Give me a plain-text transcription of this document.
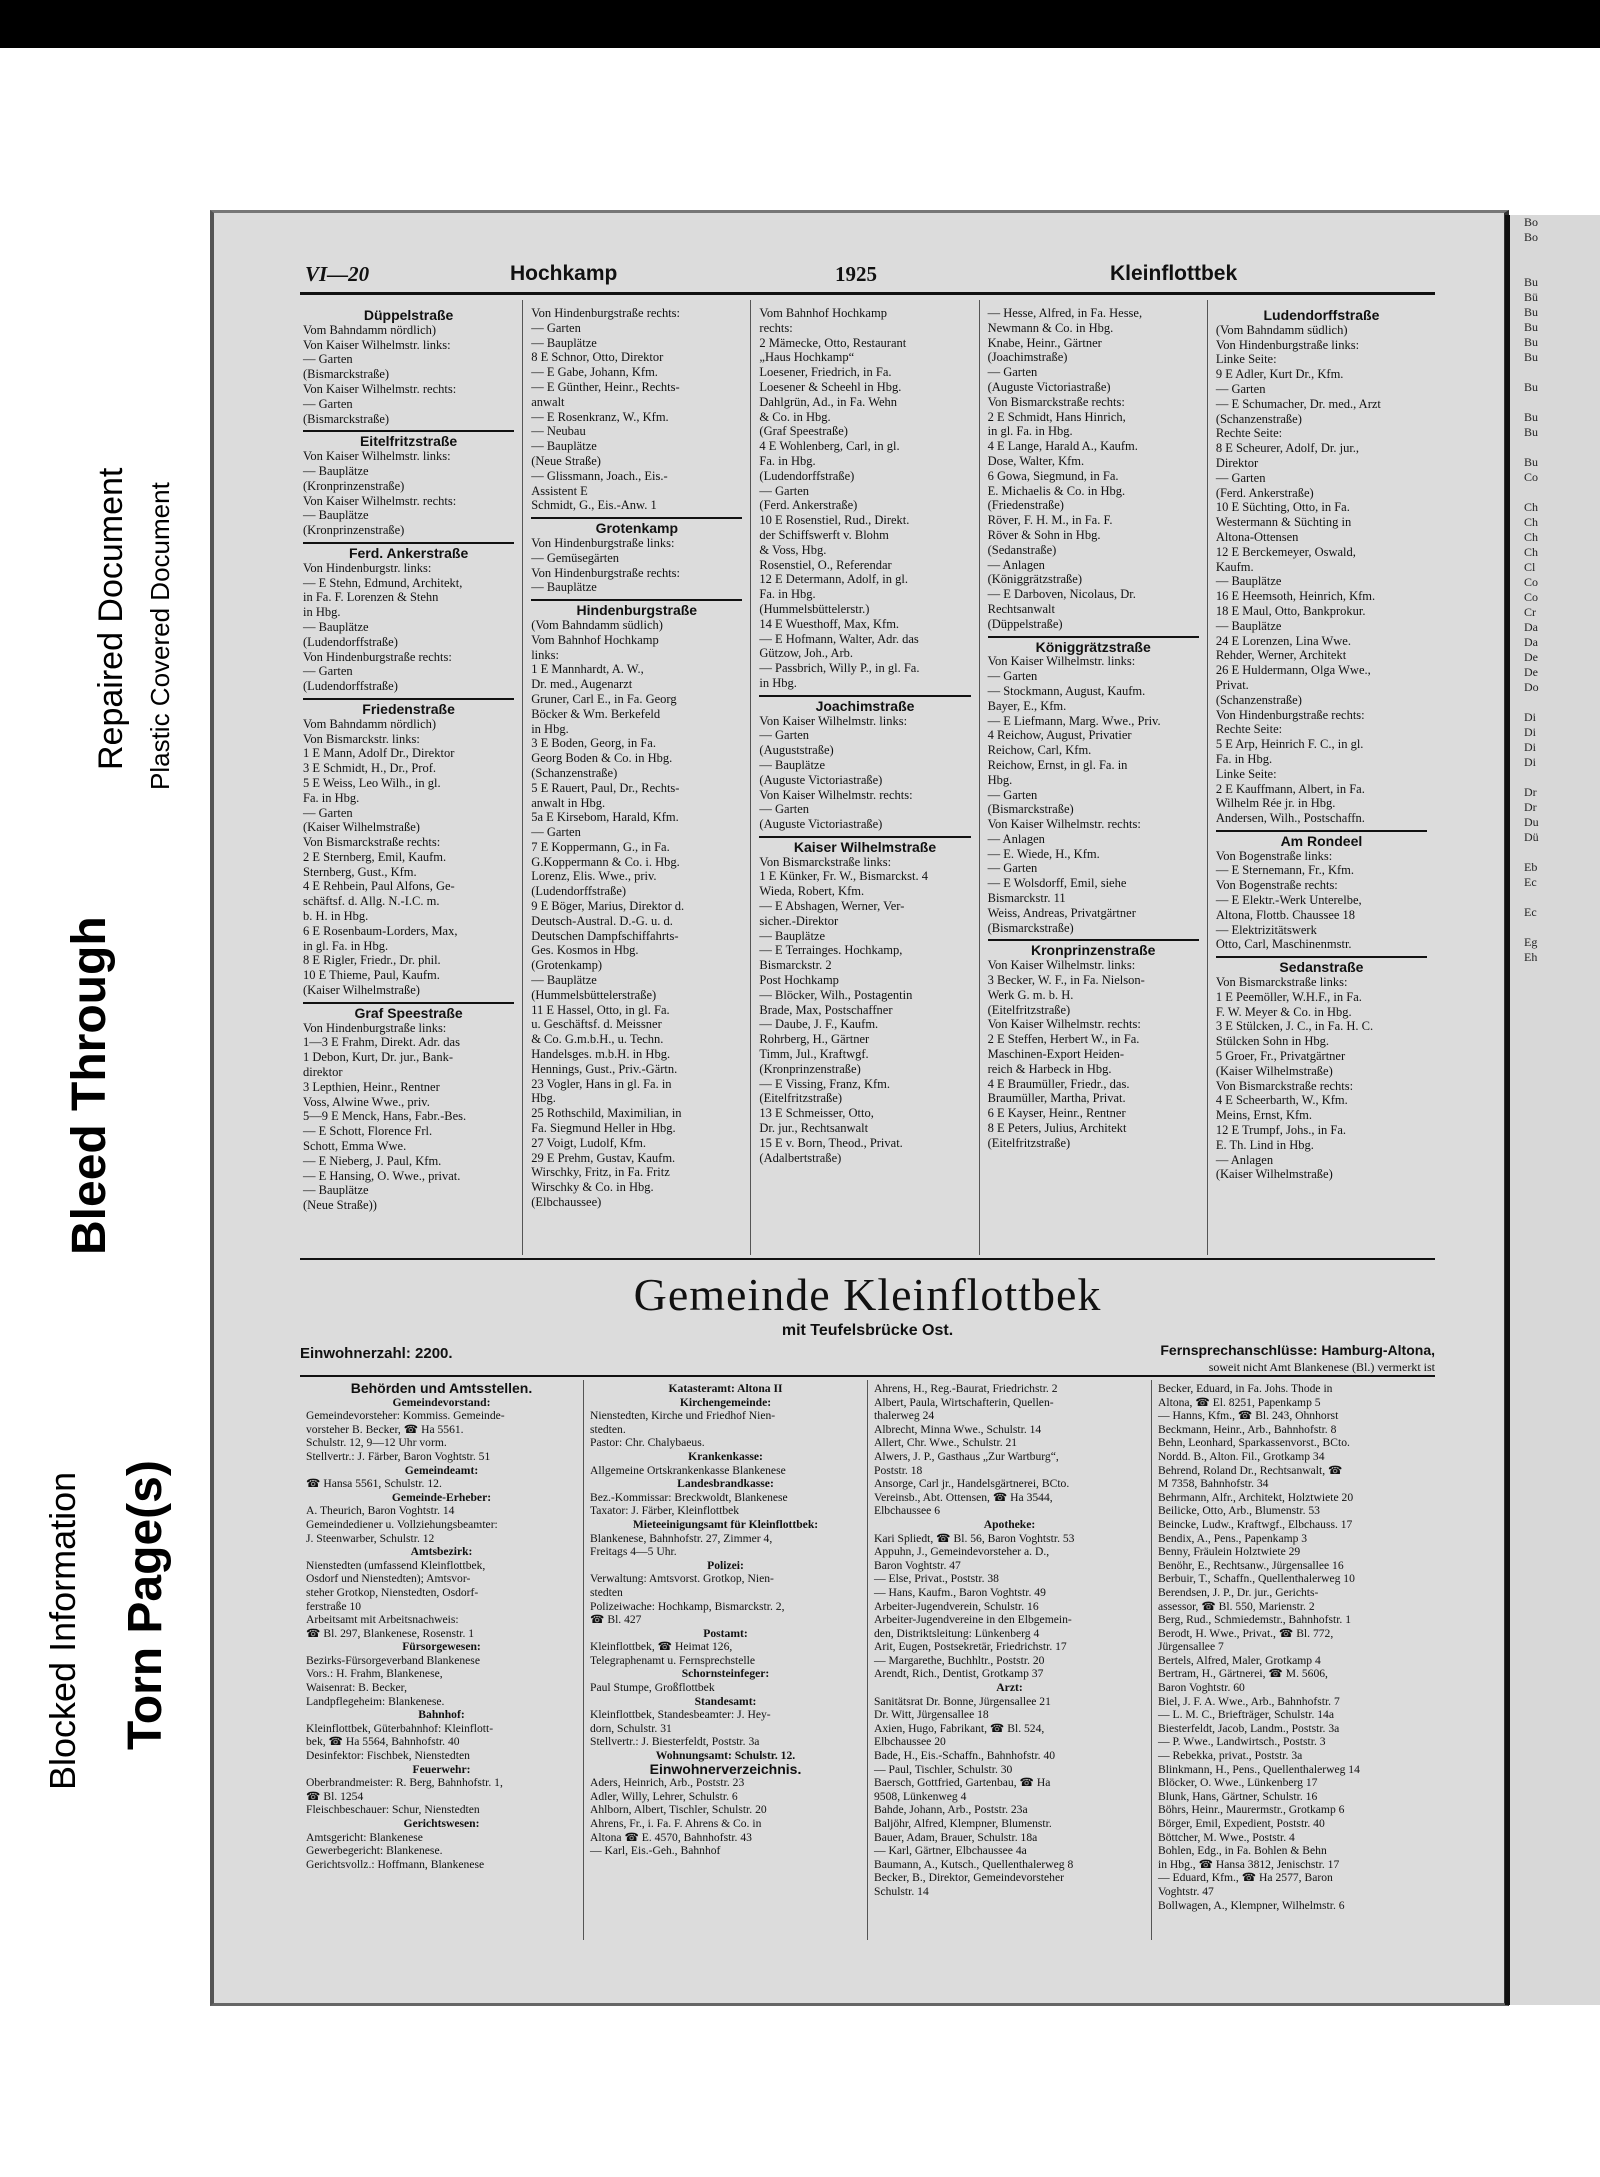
Repaired Document Plastic Covered Document
Bleed Through
Blocked Information Torn Page(s)
Bo
Bo

Bu
Bü
Bu
Bu
Bu
Bu

Bu

Bu
Bu

Bu
Co

Ch
Ch
Ch
Ch
Cl
Co
Co
Cr
Da
Da
De
De
Do

Di
Di
Di
Di

Dr
Dr
Du
Dü

Eb
Ec

Ec

Eg
Eh
VI—20	Hochkamp	1925	Kleinflottbek
Düppelstraße
Vom Bahndamm nördlich)
Von Kaiser Wilhelmstr. links:
— Garten
(Bismarckstraße)
Von Kaiser Wilhelmstr. rechts:
— Garten
(Bismarckstraße)
Eitelfritzstraße
Von Kaiser Wilhelmstr. links:
— Bauplätze
(Kronprinzenstraße)
Von Kaiser Wilhelmstr. rechts:
— Bauplätze
(Kronprinzenstraße)
Ferd. Ankerstraße
Von Hindenburgstr. links:
— E Stehn, Edmund, Architekt,
in Fa. F. Lorenzen & Stehn
in Hbg.
— Bauplätze
(Ludendorffstraße)
Von Hindenburgstraße rechts:
— Garten
(Ludendorffstraße)
Friedenstraße
Vom Bahndamm nördlich)
Von Bismarckstr. links:
1 E Mann, Adolf Dr., Direktor
3 E Schmidt, H., Dr., Prof.
5 E Weiss, Leo Wilh., in gl.
Fa. in Hbg.
— Garten
(Kaiser Wilhelmstraße)
Von Bismarckstraße rechts:
2 E Sternberg, Emil, Kaufm.
Sternberg, Gust., Kfm.
4 E Rehbein, Paul Alfons, Ge-
schäftsf. d. Allg. N.-I.C. m.
b. H. in Hbg.
6 E Rosenbaum-Lorders, Max,
in gl. Fa. in Hbg.
8 E Rigler, Friedr., Dr. phil.
10 E Thieme, Paul, Kaufm.
(Kaiser Wilhelmstraße)
Graf Speestraße
Von Hindenburgstraße links:
1—3 E Frahm, Direkt. Adr. das
1 Debon, Kurt, Dr. jur., Bank-
direktor
3 Lepthien, Heinr., Rentner
Voss, Alwine Wwe., priv.
5—9 E Menck, Hans, Fabr.-Bes.
— E Schott, Florence Frl.
Schott, Emma Wwe.
— E Nieberg, J. Paul, Kfm.
— E Hansing, O. Wwe., privat.
— Bauplätze
(Neue Straße))
Von Hindenburgstraße rechts:
— Garten
— Bauplätze
8 E Schnor, Otto, Direktor
— E Gabe, Johann, Kfm.
— E Günther, Heinr., Rechts-
anwalt
— E Rosenkranz, W., Kfm.
— Neubau
— Bauplätze
(Neue Straße)
— Glissmann, Joach., Eis.-
Assistent E
Schmidt, G., Eis.-Anw. 1
Grotenkamp
Von Hindenburgstraße links:
— Gemüsegärten
Von Hindenburgstraße rechts:
— Bauplätze
Hindenburgstraße
(Vom Bahndamm südlich)
Vom Bahnhof Hochkamp
links:
1 E Mannhardt, A. W.,
Dr. med., Augenarzt
Gruner, Carl E., in Fa. Georg
Böcker & Wm. Berkefeld
in Hbg.
3 E Boden, Georg, in Fa.
Georg Boden & Co. in Hbg.
(Schanzenstraße)
5 E Rauert, Paul, Dr., Rechts-
anwalt in Hbg.
5a E Kirsebom, Harald, Kfm.
— Garten
7 E Koppermann, G., in Fa.
G.Koppermann & Co. i. Hbg.
Lorenz, Elis. Wwe., priv.
(Ludendorffstraße)
9 E Böger, Marius, Direktor d.
Deutsch-Austral. D.-G. u. d.
Deutschen Dampfschiffahrts-
Ges. Kosmos in Hbg.
(Grotenkamp)
— Bauplätze
(Hummelsbüttelerstraße)
11 E Hassel, Otto, in gl. Fa.
u. Geschäftsf. d. Meissner
& Co. G.m.b.H., u. Techn.
Handelsges. m.b.H. in Hbg.
Hennings, Gust., Priv.-Gärtn.
23 Vogler, Hans in gl. Fa. in
Hbg.
25 Rothschild, Maximilian, in
Fa. Siegmund Heller in Hbg.
27 Voigt, Ludolf, Kfm.
29 E Prehm, Gustav, Kaufm.
Wirschky, Fritz, in Fa. Fritz
Wirschky & Co. in Hbg.
(Elbchaussee)
Vom Bahnhof Hochkamp
rechts:
2 Mämecke, Otto, Restaurant
„Haus Hochkamp“
Loesener, Friedrich, in Fa.
Loesener & Scheehl in Hbg.
Dahlgrün, Ad., in Fa. Wehn
& Co. in Hbg.
(Graf Speestraße)
4 E Wohlenberg, Carl, in gl.
Fa. in Hbg.
(Ludendorffstraße)
— Garten
(Ferd. Ankerstraße)
10 E Rosenstiel, Rud., Direkt.
der Schiffswerft v. Blohm
& Voss, Hbg.
Rosenstiel, O., Referendar
12 E Determann, Adolf, in gl.
Fa. in Hbg.
(Hummelsbüttelerstr.)
14 E Wuesthoff, Max, Kfm.
— E Hofmann, Walter, Adr. das
Gützow, Joh., Arb.
— Passbrich, Willy P., in gl. Fa.
in Hbg.
Joachimstraße
Von Kaiser Wilhelmstr. links:
— Garten
(Auguststraße)
— Bauplätze
(Auguste Victoriastraße)
Von Kaiser Wilhelmstr. rechts:
— Garten
(Auguste Victoriastraße)
Kaiser Wilhelmstraße
Von Bismarckstraße links:
1 E Künker, Fr. W., Bismarckst. 4
Wieda, Robert, Kfm.
— E Abshagen, Werner, Ver-
sicher.-Direktor
— Bauplätze
— E Terrainges. Hochkamp,
Bismarckstr. 2
Post Hochkamp
— Blöcker, Wilh., Postagentin
Brade, Max, Postschaffner
— Daube, J. F., Kaufm.
Rohrberg, H., Gärtner
Timm, Jul., Kraftwgf.
(Kronprinzenstraße)
— E Vissing, Franz, Kfm.
(Eitelfritzstraße)
13 E Schmeisser, Otto,
Dr. jur., Rechtsanwalt
15 E v. Born, Theod., Privat.
(Adalbertstraße)
— Hesse, Alfred, in Fa. Hesse,
Newmann & Co. in Hbg.
Knabe, Heinr., Gärtner
(Joachimstraße)
— Garten
(Auguste Victoriastraße)
Von Bismarckstraße rechts:
2 E Schmidt, Hans Hinrich,
in gl. Fa. in Hbg.
4 E Lange, Harald A., Kaufm.
Dose, Walter, Kfm.
6 Gowa, Siegmund, in Fa.
E. Michaelis & Co. in Hbg.
(Friedenstraße)
Röver, F. H. M., in Fa. F.
Röver & Sohn in Hbg.
(Sedanstraße)
— Anlagen
(Königgrätzstraße)
— E Darboven, Nicolaus, Dr.
Rechtsanwalt
(Düppelstraße)
Königgrätzstraße
Von Kaiser Wilhelmstr. links:
— Garten
— Stockmann, August, Kaufm.
Bayer, E., Kfm.
— E Liefmann, Marg. Wwe., Priv.
4 Reichow, August, Privatier
Reichow, Carl, Kfm.
Reichow, Ernst, in gl. Fa. in
Hbg.
— Garten
(Bismarckstraße)
Von Kaiser Wilhelmstr. rechts:
— Anlagen
— E. Wiede, H., Kfm.
— Garten
— E Wolsdorff, Emil, siehe
Bismarckstr. 11
Weiss, Andreas, Privatgärtner
(Bismarckstraße)
Kronprinzenstraße
Von Kaiser Wilhelmstr. links:
3 Becker, W. F., in Fa. Nielson-
Werk G. m. b. H.
(Eitelfritzstraße)
Von Kaiser Wilhelmstr. rechts:
2 E Steffen, Herbert W., in Fa.
Maschinen-Export Heiden-
reich & Harbeck in Hbg.
4 E Braumüller, Friedr., das.
Braumüller, Martha, Privat.
6 E Kayser, Heinr., Rentner
8 E Peters, Julius, Architekt
(Eitelfritzstraße)
Ludendorffstraße
(Vom Bahndamm südlich)
Von Hindenburgstraße links:
Linke Seite:
9 E Adler, Kurt Dr., Kfm.
— Garten
— E Schumacher, Dr. med., Arzt
(Schanzenstraße)
Rechte Seite:
8 E Scheurer, Adolf, Dr. jur.,
Direktor
— Garten
(Ferd. Ankerstraße)
10 E Süchting, Otto, in Fa.
Westermann & Süchting in
Altona-Ottensen
12 E Berckemeyer, Oswald,
Kaufm.
— Bauplätze
16 E Heemsoth, Heinrich, Kfm.
18 E Maul, Otto, Bankprokur.
— Bauplätze
24 E Lorenzen, Lina Wwe.
Rehder, Werner, Architekt
26 E Huldermann, Olga Wwe.,
Privat.
(Schanzenstraße)
Von Hindenburgstraße rechts:
Rechte Seite:
5 E Arp, Heinrich F. C., in gl.
Fa. in Hbg.
Linke Seite:
2 E Kauffmann, Albert, in Fa.
Wilhelm Rée jr. in Hbg.
Andersen, Wilh., Postschaffn.
Am Rondeel
Von Bogenstraße links:
— E Sternemann, Fr., Kfm.
Von Bogenstraße rechts:
— E Elektr.-Werk Unterelbe,
Altona, Flottb. Chaussee 18
— Elektrizitätswerk
Otto, Carl, Maschinenmstr.
Sedanstraße
Von Bismarckstraße links:
1 E Peemöller, W.H.F., in Fa.
F. W. Meyer & Co. in Hbg.
3 E Stülcken, J. C., in Fa. H. C.
Stülcken Sohn in Hbg.
5 Groer, Fr., Privatgärtner
(Kaiser Wilhelmstraße)
Von Bismarckstraße rechts:
4 E Scheerbarth, W., Kfm.
Meins, Ernst, Kfm.
12 E Trumpf, Johs., in Fa.
E. Th. Lind in Hbg.
— Anlagen
(Kaiser Wilhelmstraße)
Gemeinde Kleinflottbek
mit Teufelsbrücke Ost.
Einwohnerzahl: 2200.	Fernsprechanschlüsse: Hamburg-Altona,
soweit nicht Amt Blankenese (Bl.) vermerkt ist
Behörden und Amtsstellen.
Gemeindevorstand:
Gemeindevorsteher: Kommiss. Gemeinde-
vorsteher B. Becker, ☎ Ha 5561.
Schulstr. 12, 9—12 Uhr vorm.
Stellvertr.: J. Färber, Baron Voghtstr. 51
Gemeindeamt:
☎ Hansa 5561, Schulstr. 12.
Gemeinde-Erheber:
A. Theurich, Baron Voghtstr. 14
Gemeindediener u. Vollziehungsbeamter:
J. Steenwarber, Schulstr. 12
Amtsbezirk:
Nienstedten (umfassend Kleinflottbek,
Osdorf und Nienstedten); Amtsvor-
steher Grotkop, Nienstedten, Osdorf-
ferstraße 10
Arbeitsamt mit Arbeitsnachweis:
☎ Bl. 297, Blankenese, Rosenstr. 1
Fürsorgewesen:
Bezirks-Fürsorgeverband Blankenese
Vors.: H. Frahm, Blankenese,
Waisenrat: B. Becker,
Landpflegeheim: Blankenese.
Bahnhof:
Kleinflottbek, Güterbahnhof: Kleinflott-
bek, ☎ Ha 5564, Bahnhofstr. 40
Desinfektor: Fischbek, Nienstedten
Feuerwehr:
Oberbrandmeister: R. Berg, Bahnhofstr. 1,
☎ Bl. 1254
Fleischbeschauer: Schur, Nienstedten
Gerichtswesen:
Amtsgericht: Blankenese
Gewerbegericht: Blankenese.
Gerichtsvollz.: Hoffmann, Blankenese
Katasteramt: Altona II
Kirchengemeinde:
Nienstedten, Kirche und Friedhof Nien-
stedten.
Pastor: Chr. Chalybaeus.
Krankenkasse:
Allgemeine Ortskrankenkasse Blankenese
Landesbrandkasse:
Bez.-Kommissar: Breckwoldt, Blankenese
Taxator: J. Färber, Kleinflottbek
Mieteeinigungsamt für Kleinflottbek:
Blankenese, Bahnhofstr. 27, Zimmer 4,
Freitags 4—5 Uhr.
Polizei:
Verwaltung: Amtsvorst. Grotkop, Nien-
stedten
Polizeiwache: Hochkamp, Bismarckstr. 2,
☎ Bl. 427
Postamt:
Kleinflottbek, ☎ Heimat 126,
Telegraphenamt u. Fernsprechstelle
Schornsteinfeger:
Paul Stumpe, Großflottbek
Standesamt:
Kleinflottbek, Standesbeamter: J. Hey-
dorn, Schulstr. 31
Stellvertr.: J. Biesterfeldt, Poststr. 3a
Wohnungsamt: Schulstr. 12.
Einwohnerverzeichnis.
Aders, Heinrich, Arb., Poststr. 23
Adler, Willy, Lehrer, Schulstr. 6
Ahlborn, Albert, Tischler, Schulstr. 20
Ahrens, Fr., i. Fa. F. Ahrens & Co. in
Altona ☎ E. 4570, Bahnhofstr. 43
— Karl, Eis.-Geh., Bahnhof
Ahrens, H., Reg.-Baurat, Friedrichstr. 2
Albert, Paula, Wirtschafterin, Quellen-
thalerweg 24
Albrecht, Minna Wwe., Schulstr. 14
Allert, Chr. Wwe., Schulstr. 21
Alwers, J. P., Gasthaus „Zur Wartburg“,
Poststr. 18
Ansorge, Carl jr., Handelsgärtnerei, BCto.
Vereinsb., Abt. Ottensen, ☎ Ha 3544,
Elbchaussee 6
Apotheke:
Kari Spliedt, ☎ Bl. 56, Baron Voghtstr. 53
Appuhn, J., Gemeindevorsteher a. D.,
Baron Voghtstr. 47
— Else, Privat., Poststr. 38
— Hans, Kaufm., Baron Voghtstr. 49
Arbeiter-Jugendverein, Schulstr. 16
Arbeiter-Jugendvereine in den Elbgemein-
den, Distriktsleitung: Lünkenberg 4
Arit, Eugen, Postsekretär, Friedrichstr. 17
— Margarethe, Buchhltr., Poststr. 20
Arendt, Rich., Dentist, Grotkamp 37
Arzt:
Sanitätsrat Dr. Bonne, Jürgensallee 21
Dr. Witt, Jürgensallee 18
Axien, Hugo, Fabrikant, ☎ Bl. 524,
Elbchaussee 20
Bade, H., Eis.-Schaffn., Bahnhofstr. 40
— Paul, Tischler, Schulstr. 30
Baersch, Gottfried, Gartenbau, ☎ Ha
9508, Lünkenweg 4
Bahde, Johann, Arb., Poststr. 23a
Baljöhr, Alfred, Klempner, Blumenstr.
Bauer, Adam, Brauer, Schulstr. 18a
— Karl, Gärtner, Elbchaussee 4a
Baumann, A., Kutsch., Quellenthalerweg 8
Becker, B., Direktor, Gemeindevorsteher
Schulstr. 14
Becker, Eduard, in Fa. Johs. Thode in
Altona, ☎ El. 8251, Papenkamp 5
— Hanns, Kfm., ☎ Bl. 243, Ohnhorst
Beckmann, Heinr., Arb., Bahnhofstr. 8
Behn, Leonhard, Sparkassenvorst., BCto.
Nordd. B., Alton. Fil., Grotkamp 34
Behrend, Roland Dr., Rechtsanwalt, ☎
M 7358, Bahnhofstr. 34
Behrmann, Alfr., Architekt, Holztwiete 20
Beilicke, Otto, Arb., Blumenstr. 53
Beincke, Ludw., Kraftwgf., Elbchauss. 17
Bendix, A., Pens., Papenkamp 3
Benny, Fräulein Holztwiete 29
Benöhr, E., Rechtsanw., Jürgensallee 16
Berbuir, T., Schaffn., Quellenthalerweg 10
Berendsen, J. P., Dr. jur., Gerichts-
assessor, ☎ Bl. 550, Marienstr. 2
Berg, Rud., Schmiedemstr., Bahnhofstr. 1
Berodt, H. Wwe., Privat., ☎ Bl. 772,
Jürgensallee 7
Bertels, Alfred, Maler, Grotkamp 4
Bertram, H., Gärtnerei, ☎ M. 5606,
Baron Voghtstr. 60
Biel, J. F. A. Wwe., Arb., Bahnhofstr. 7
— L. M. C., Briefträger, Schulstr. 14a
Biesterfeldt, Jacob, Landm., Poststr. 3a
— P. Wwe., Landwirtsch., Poststr. 3
— Rebekka, privat., Poststr. 3a
Blinkmann, H., Pens., Quellenthalerweg 14
Blöcker, O. Wwe., Lünkenberg 17
Blunk, Hans, Gärtner, Schulstr. 16
Böhrs, Heinr., Maurermstr., Grotkamp 6
Börger, Emil, Expedient, Poststr. 40
Böttcher, M. Wwe., Poststr. 4
Bohlen, Edg., in Fa. Bohlen & Behn
in Hbg., ☎ Hansa 3812, Jenischstr. 17
— Eduard, Kfm., ☎ Ha 2577, Baron
Voghtstr. 47
Bollwagen, A., Klempner, Wilhelmstr. 6
